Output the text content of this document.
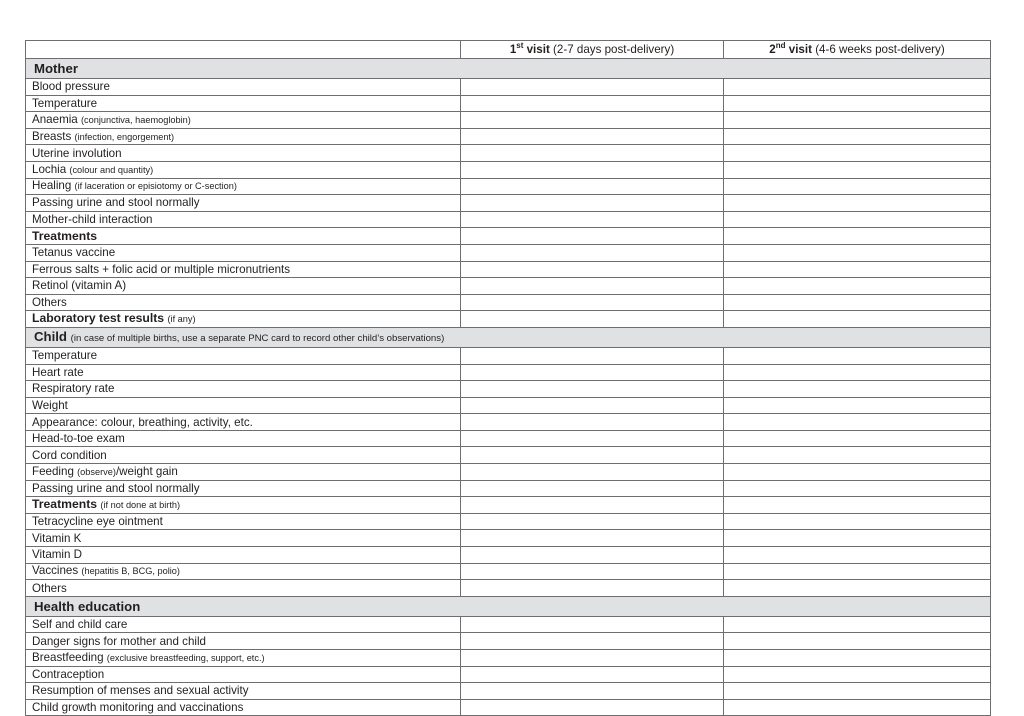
	1st visit (2-7 days post-delivery)	2nd visit (4-6 weeks post-delivery)
Mother		
Blood pressure		
Temperature		
Anaemia (conjunctiva, haemoglobin)		
Breasts (infection, engorgement)		
Uterine involution		
Lochia (colour and quantity)		
Healing (if laceration or episiotomy or C-section)		
Passing urine and stool normally		
Mother-child interaction		
Treatments		
Tetanus vaccine		
Ferrous salts + folic acid or multiple micronutrients		
Retinol (vitamin A)		
Others		
Laboratory test results (if any)		
Child (in case of multiple births, use a separate PNC card to record other child’s observations)		
Temperature		
Heart rate		
Respiratory rate		
Weight		
Appearance: colour, breathing, activity, etc.		
Head-to-toe exam		
Cord condition		
Feeding (observe)/weight gain		
Passing urine and stool normally		
Treatments (if not done at birth)		
Tetracycline eye ointment		
Vitamin K		
Vitamin D		
Vaccines (hepatitis B, BCG, polio)		
Others		
Health education		
Self and child care		
Danger signs for mother and child		
Breastfeeding (exclusive breastfeeding, support, etc.)		
Contraception		
Resumption of menses and sexual activity		
Child growth monitoring and vaccinations		
